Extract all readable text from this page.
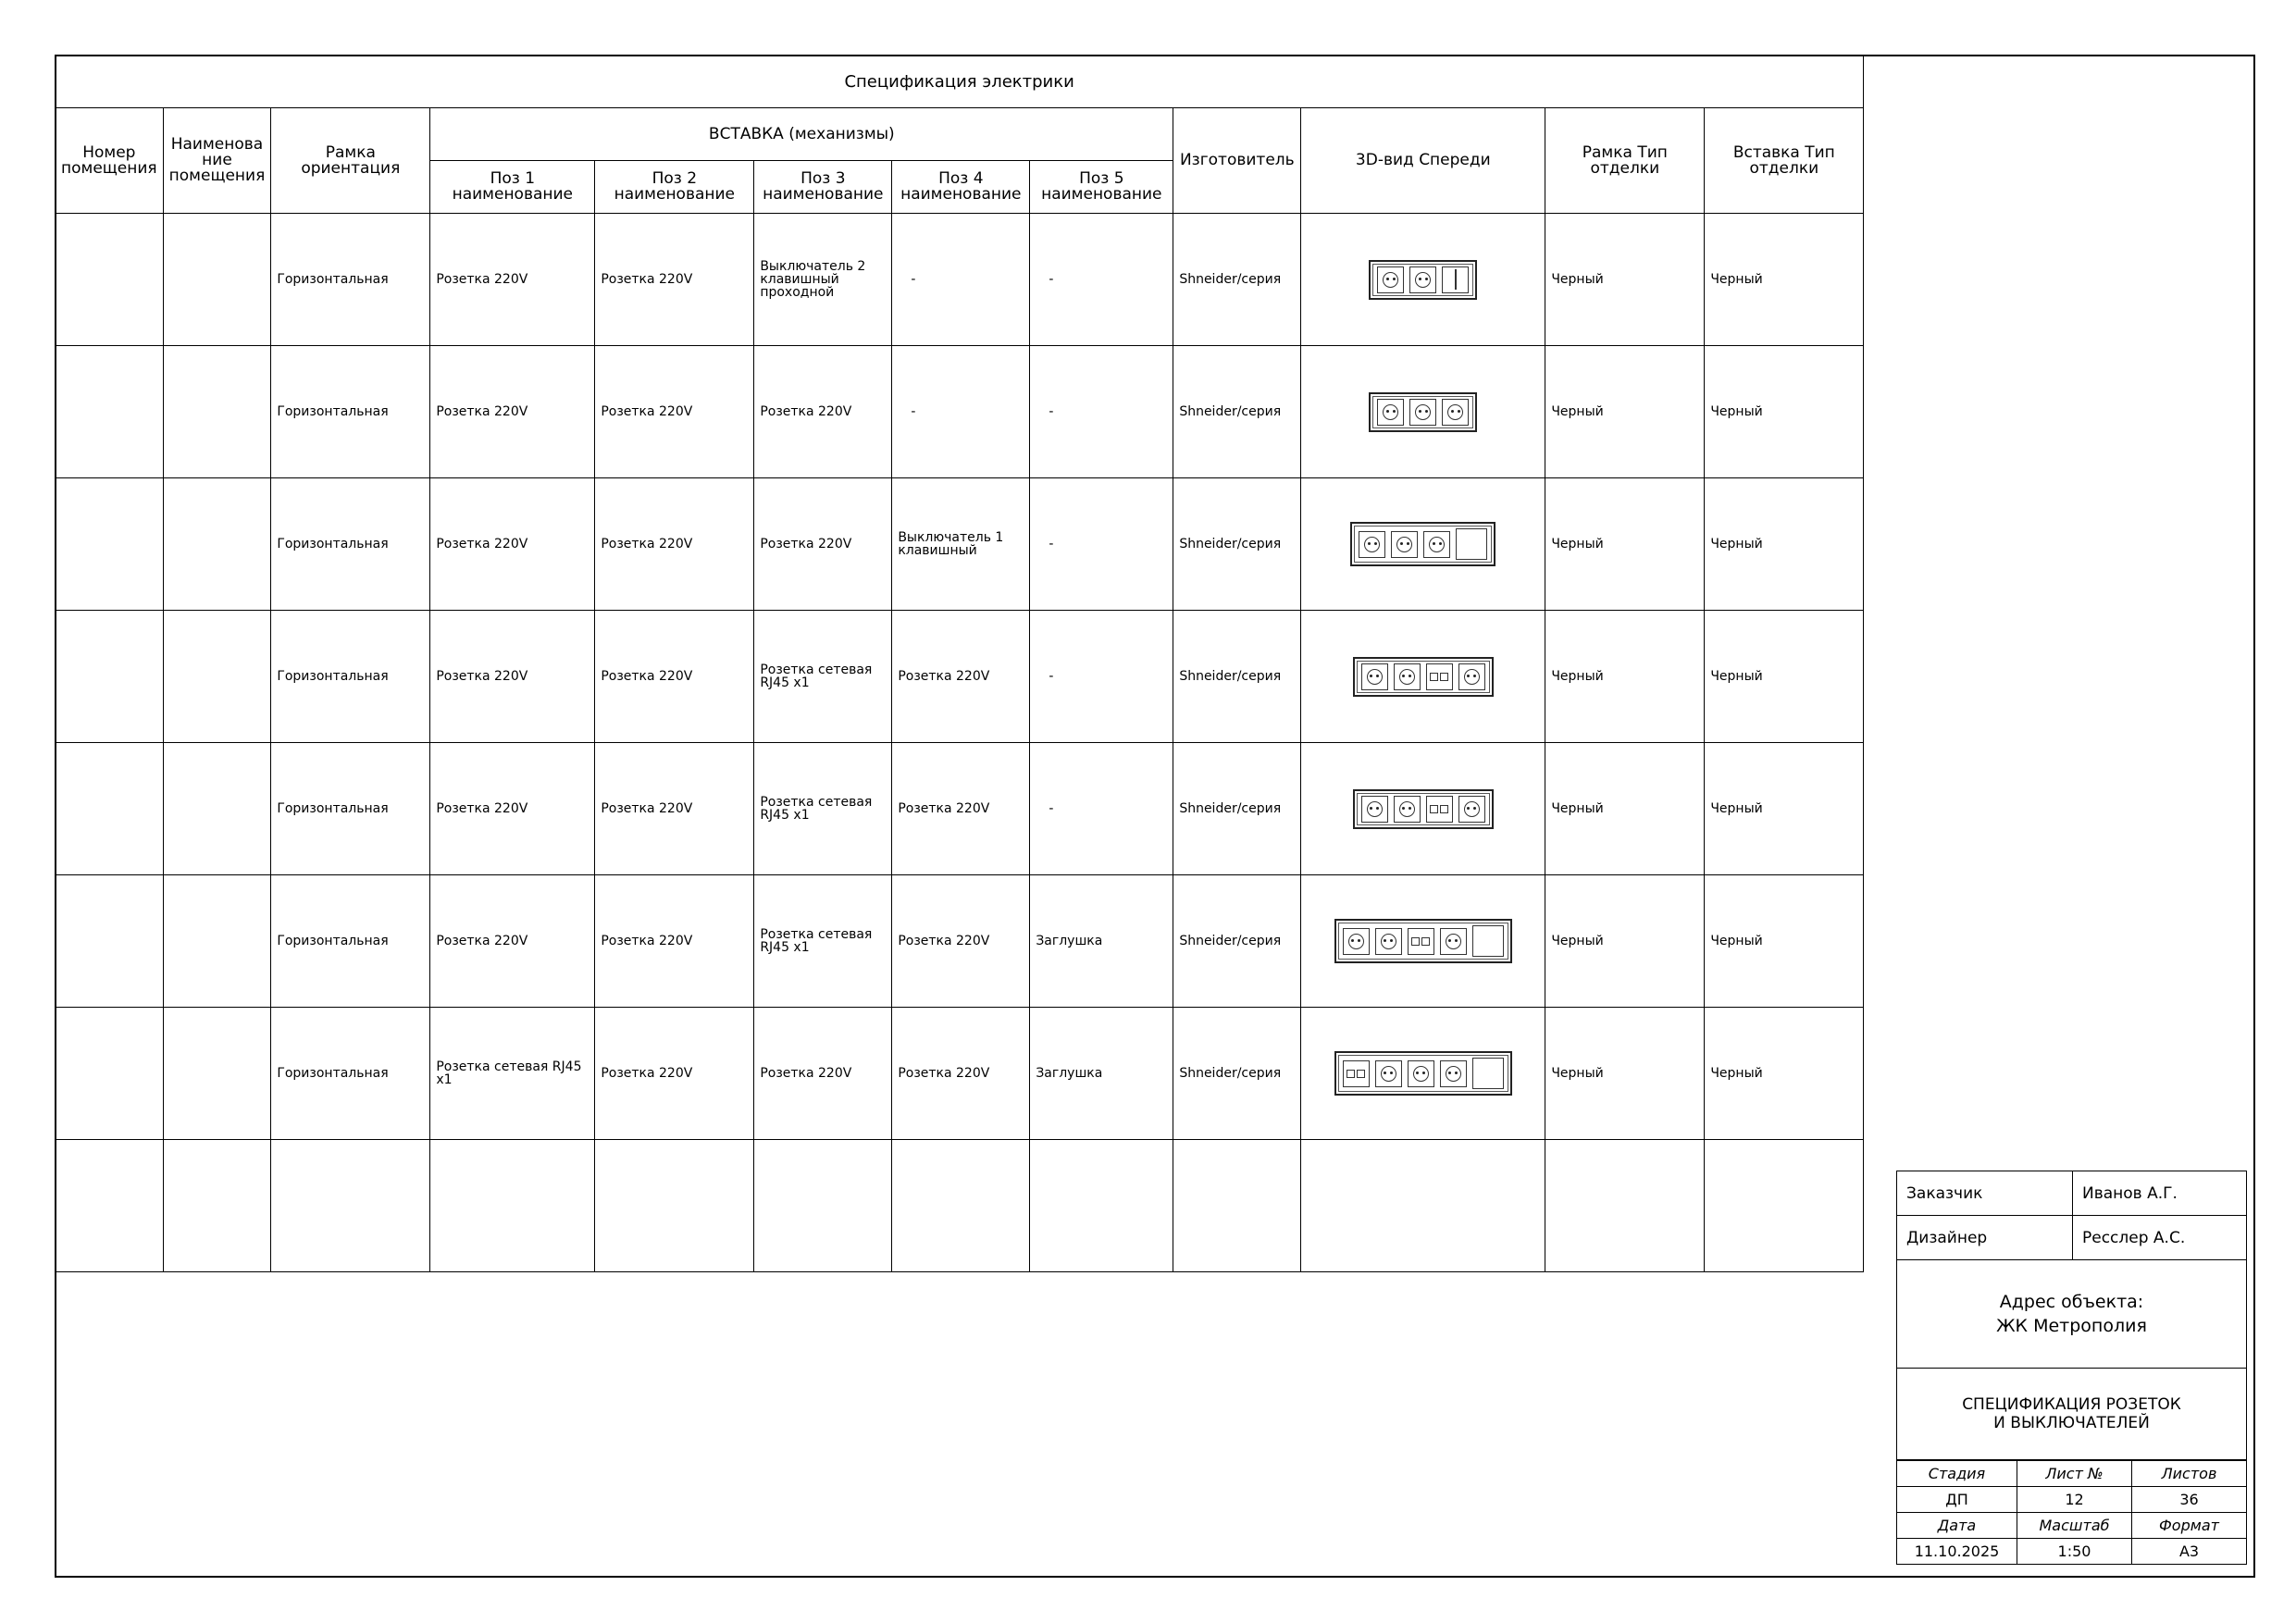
Спецификация электрики											
Номер помещения	Наименова ние помещения	Рамка ориентация	ВСТАВКА (механизмы)					Изготовитель	3D-вид Спереди	Рамка Тип отделки	Вставка Тип отделки
			Поз 1 наименование	Поз 2 наименование	Поз 3 наименование	Поз 4 наименование	Поз 5 наименование				
		Горизонтальная	Розетка 220V	Розетка 220V	Выключатель 2 клавишный проходной	-	-	Shneider/серия		Черный	Черный
		Горизонтальная	Розетка 220V	Розетка 220V	Розетка 220V	-	-	Shneider/серия		Черный	Черный
		Горизонтальная	Розетка 220V	Розетка 220V	Розетка 220V	Выключатель 1 клавишный	-	Shneider/серия		Черный	Черный
		Горизонтальная	Розетка 220V	Розетка 220V	Розетка сетевая RJ45 x1	Розетка 220V	-	Shneider/серия		Черный	Черный
		Горизонтальная	Розетка 220V	Розетка 220V	Розетка сетевая RJ45 x1	Розетка 220V	-	Shneider/серия		Черный	Черный
		Горизонтальная	Розетка 220V	Розетка 220V	Розетка сетевая RJ45 x1	Розетка 220V	Заглушка	Shneider/серия		Черный	Черный
		Горизонтальная	Розетка сетевая RJ45 x1	Розетка 220V	Розетка 220V	Розетка 220V	Заглушка	Shneider/серия		Черный	Черный

Заказчик	Иванов А.Г.
Дизайнер	Ресслер А.С.

Адрес объекта:
ЖК Метрополия	

СПЕЦИФИКАЦИЯ РОЗЕТОК И ВЫКЛЮЧАТЕЛЕЙ	
Стадия	Лист №	Листов
ДП	12	36
Дата	Масштаб	Формат
11.10.2025	1:50	А3
